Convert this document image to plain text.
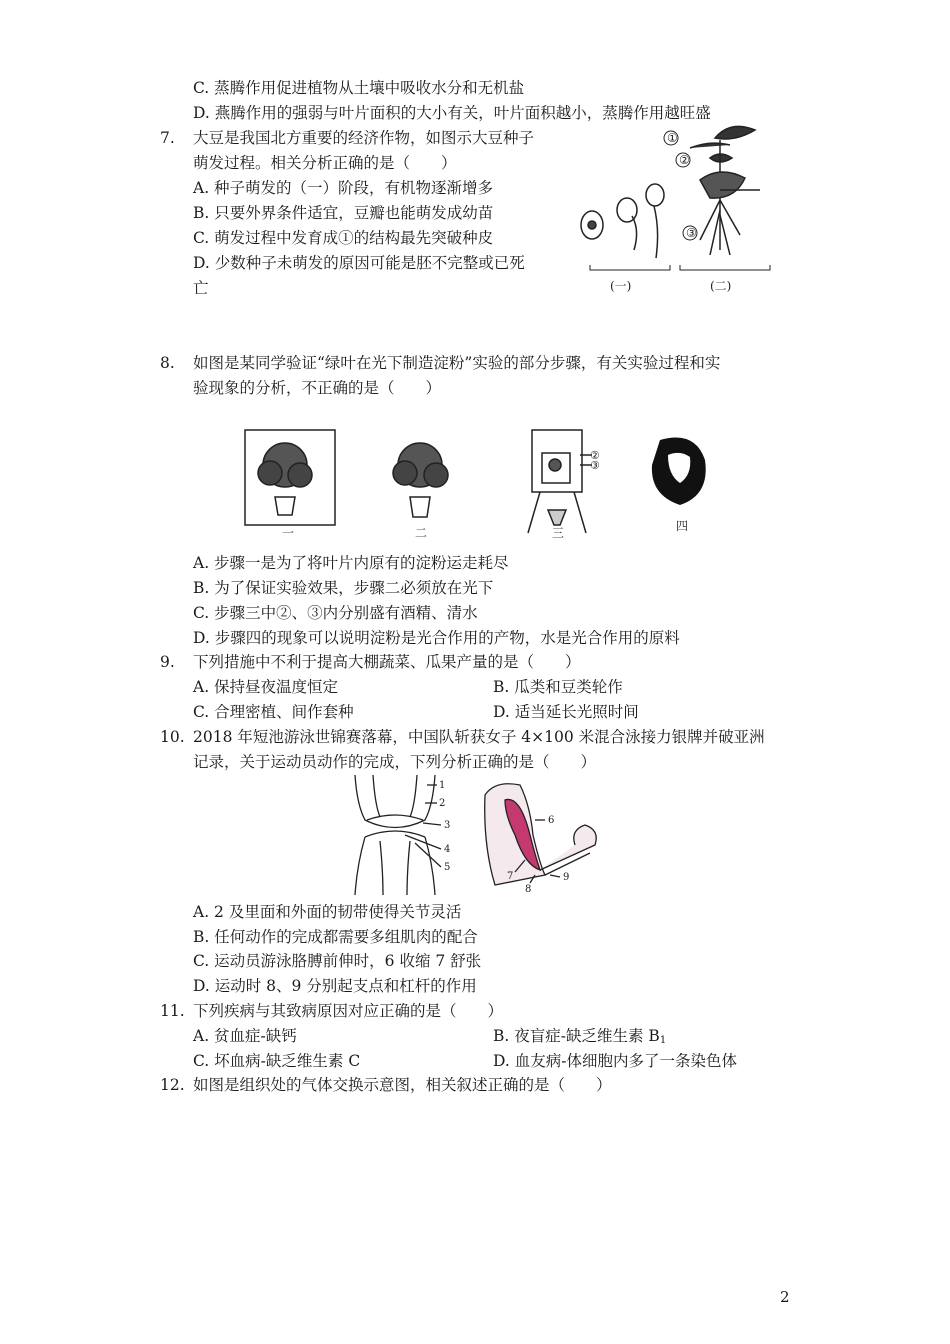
C. 蒸腾作用促进植物从土壤中吸收水分和无机盐
D. 燕腾作用的强弱与叶片面积的大小有关，叶片面积越小，蒸腾作用越旺盛
7. 大豆是我国北方重要的经济作物，如图示大豆种子
萌发过程。相关分析正确的是（　　）
A. 种子萌发的（一）阶段，有机物逐渐增多
B. 只要外界条件适宜，豆瓣也能萌发成幼苗
C. 萌发过程中发育成①的结构最先突破种皮
D. 少数种子未萌发的原因可能是胚不完整或已死
亡
①
②
③
(一)	(二)
8. 如图是某同学验证“绿叶在光下制造淀粉”实验的部分步骤，有关实验过程和实
验现象的分析，不正确的是（　　）
②
③
一	二	三	四
A. 步骤一是为了将叶片内原有的淀粉运走耗尽
B. 为了保证实验效果，步骤二必须放在光下
C. 步骤三中②、③内分别盛有酒精、清水
D. 步骤四的现象可以说明淀粉是光合作用的产物，水是光合作用的原料
9. 下列措施中不利于提高大棚蔬菜、瓜果产量的是（　　）
A. 保持昼夜温度恒定	B. 瓜类和豆类轮作
C. 合理密植、间作套种	D. 适当延长光照时间
10. 2018 年短池游泳世锦赛落幕，中国队斩获女子 4×100 米混合泳接力银牌并破亚洲
记录，关于运动员动作的完成，下列分析正确的是（　　）
1
2
3
4
5
6
7
8
9
A. 2 及里面和外面的韧带使得关节灵活
B. 任何动作的完成都需要多组肌肉的配合
C. 运动员游泳胳膊前伸时，6 收缩 7 舒张
D. 运动时 8、9 分别起支点和杠杆的作用
11. 下列疾病与其致病原因对应正确的是（　　）
A. 贫血症-缺钙	B. 夜盲症-缺乏维生素 $B_1$
C. 坏血病-缺乏维生素 C	D. 血友病-体细胞内多了一条染色体
12. 如图是组织处的气体交换示意图，相关叙述正确的是（　　）
2
